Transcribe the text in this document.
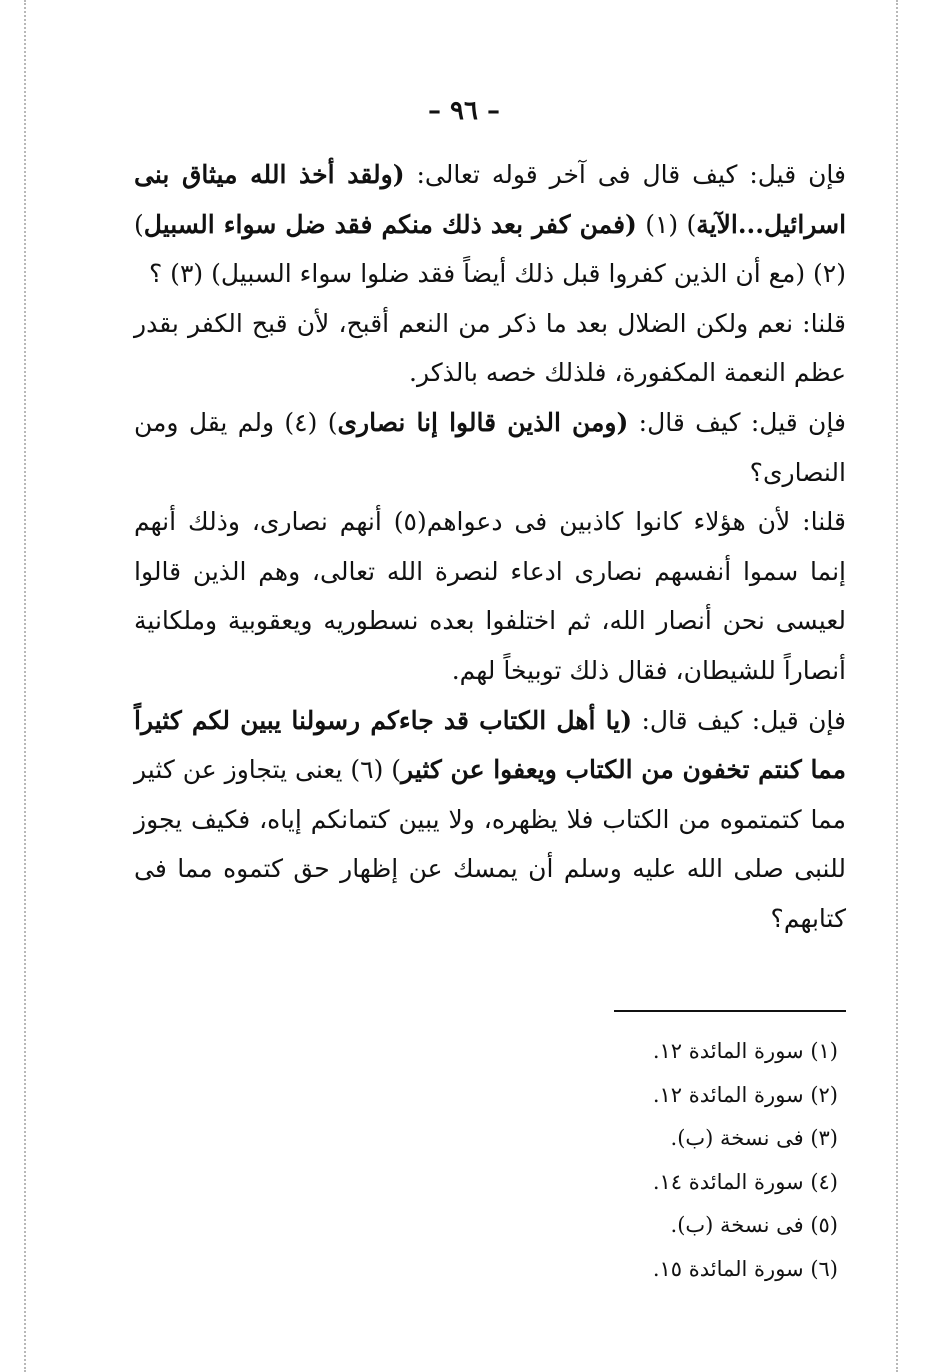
– ٩٦ –

فإن قيل: كيف قال فى آخر قوله تعالى: (ولقد أخذ الله ميثاق بنى اسرائيل...الآية) (١) (فمن كفر بعد ذلك منكم فقد ضل سواء السبيل) (٢) (مع أن الذين كفروا قبل ذلك أيضاً فقد ضلوا سواء السبيل) (٣) ؟

قلنا: نعم ولكن الضلال بعد ما ذكر من النعم أقبح، لأن قبح الكفر بقدر عظم النعمة المكفورة، فلذلك خصه بالذكر.

فإن قيل: كيف قال: (ومن الذين قالوا إنا نصارى) (٤) ولم يقل ومن النصارى؟

قلنا: لأن هؤلاء كانوا كاذبين فى دعواهم(٥) أنهم نصارى، وذلك أنهم إنما سموا أنفسهم نصارى ادعاء لنصرة الله تعالى، وهم الذين قالوا لعيسى نحن أنصار الله، ثم اختلفوا بعده نسطوريه ويعقوبية وملكانية أنصاراً للشيطان، فقال ذلك توبيخاً لهم.

فإن قيل: كيف قال: (يا أهل الكتاب قد جاءكم رسولنا يبين لكم كثيراً مما كنتم تخفون من الكتاب ويعفوا عن كثير) (٦) يعنى يتجاوز عن كثير مما كتمتموه من الكتاب فلا يظهره، ولا يبين كتمانكم إياه، فكيف يجوز للنبى صلى الله عليه وسلم أن يمسك عن إظهار حق كتموه مما فى كتابهم؟

(١) سورة المائدة ١٢.
(٢) سورة المائدة ١٢.
(٣) فى نسخة (ب).
(٤) سورة المائدة ١٤.
(٥) فى نسخة (ب).
(٦) سورة المائدة ١٥.
